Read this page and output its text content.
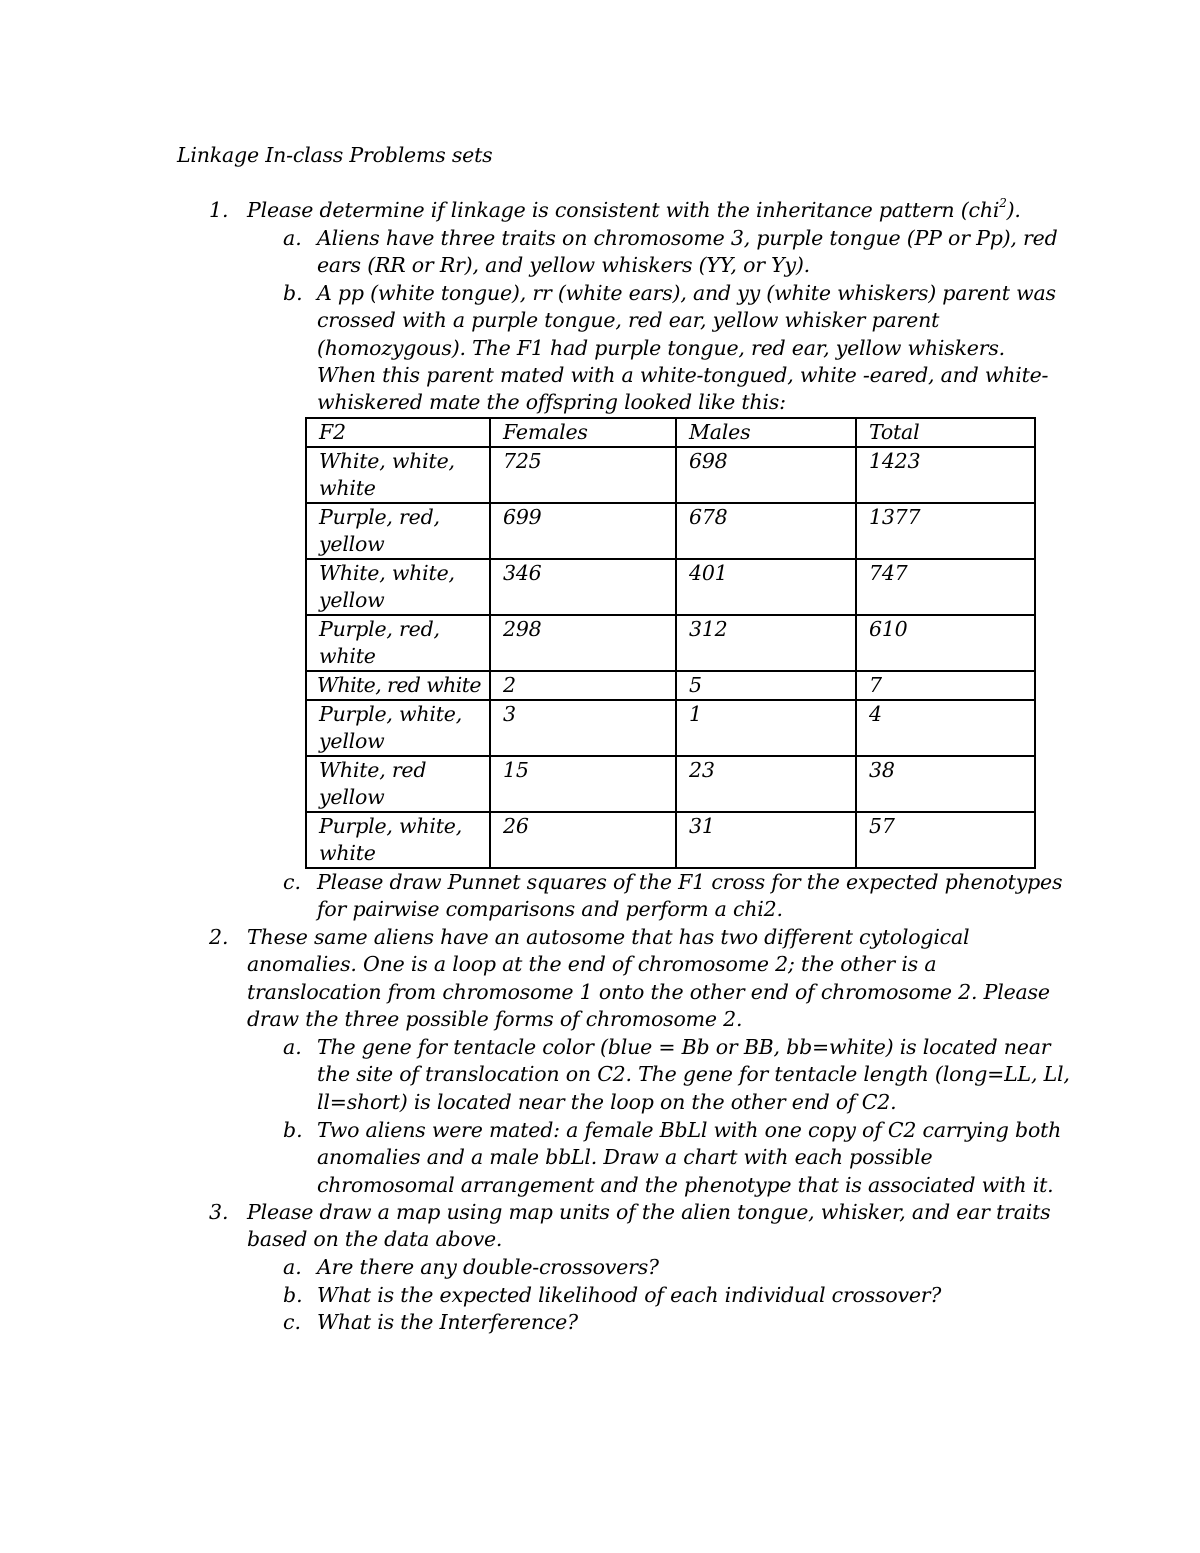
Linkage In-class Problems sets
1. Please determine if linkage is consistent with the inheritance pattern (chi$^2$).
a. Aliens have three traits on chromosome 3, purple tongue (PP or Pp), red
ears (RR or Rr), and yellow whiskers (YY, or Yy).
b. A pp (white tongue), rr (white ears), and yy (white whiskers) parent was
crossed with a purple tongue, red ear, yellow whisker parent
(homozygous). The F1 had purple tongue, red ear, yellow whiskers.
When this parent mated with a white-tongued, white -eared, and white-
whiskered mate the offspring looked like this:
F2	Females	Males	Total
White, white, white	725	698	1423
Purple, red, yellow	699	678	1377
White, white, yellow	346	401	747
Purple, red, white	298	312	610
White, red white	2	5	7
Purple, white, yellow	3	1	4
White, red yellow	15	23	38
Purple, white, white	26	31	57
c. Please draw Punnet squares of the F1 cross for the expected phenotypes
for pairwise comparisons and perform a chi2.
2. These same aliens have an autosome that has two different cytological
anomalies. One is a loop at the end of chromosome 2; the other is a
translocation from chromosome 1 onto the other end of chromosome 2. Please
draw the three possible forms of chromosome 2.
a. The gene for tentacle color (blue = Bb or BB, bb=white) is located near
the site of translocation on C2. The gene for tentacle length (long=LL, Ll,
ll=short) is located near the loop on the other end of C2.
b. Two aliens were mated: a female BbLl with one copy of C2 carrying both
anomalies and a male bbLl. Draw a chart with each possible
chromosomal arrangement and the phenotype that is associated with it.
3. Please draw a map using map units of the alien tongue, whisker, and ear traits
based on the data above.
a. Are there any double-crossovers?
b. What is the expected likelihood of each individual crossover?
c. What is the Interference?
